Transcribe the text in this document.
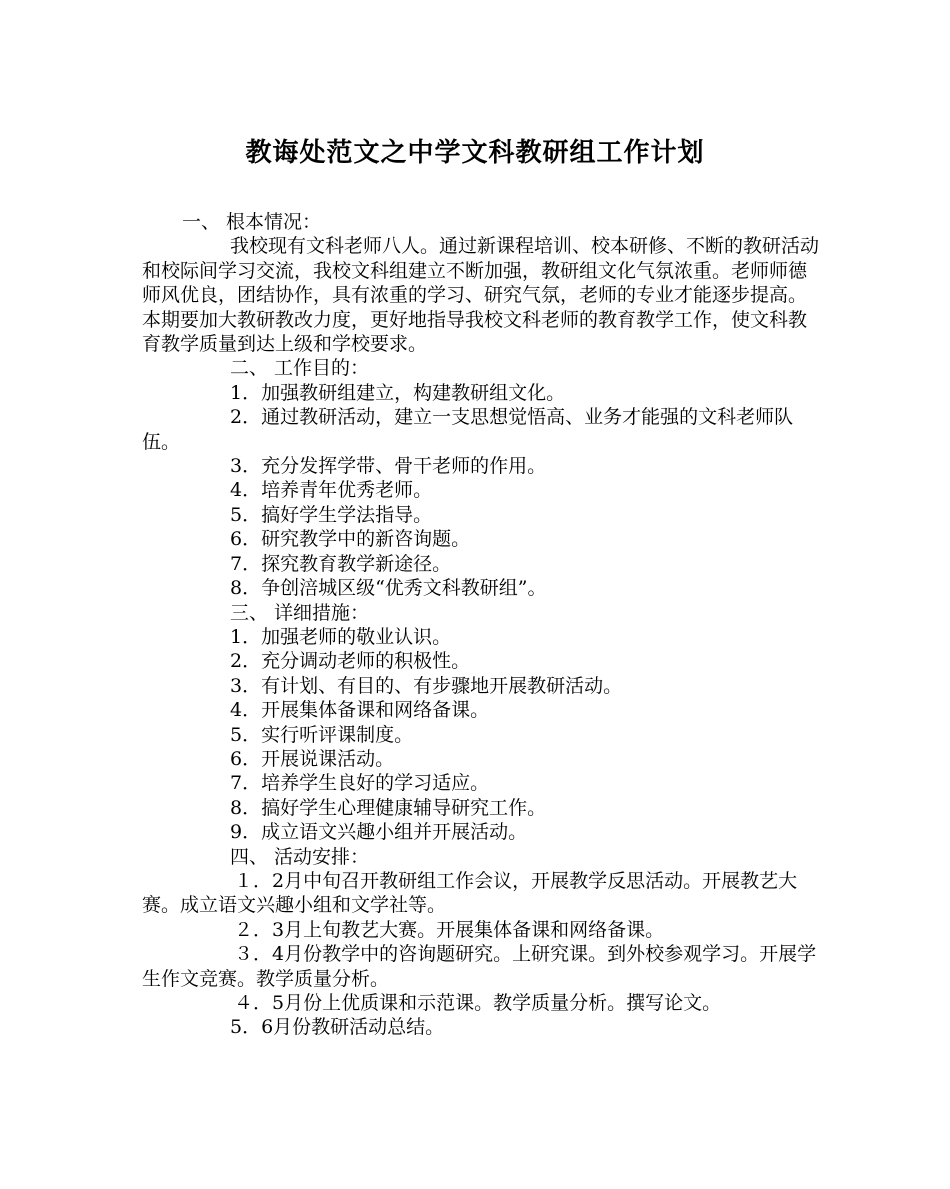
教诲处范文之中学文科教研组工作计划

一、 根本情况：

我校现有文科老师八人。通过新课程培训、校本研修、不断的教研活动和校际间学习交流，我校文科组建立不断加强，教研组文化气氛浓重。老师师德师风优良，团结协作，具有浓重的学习、研究气氛，老师的专业才能逐步提高。本期要加大教研教改力度，更好地指导我校文科老师的教育教学工作，使文科教育教学质量到达上级和学校要求。

二、 工作目的：

1．加强教研组建立，构建教研组文化。

2．通过教研活动，建立一支思想觉悟高、业务才能强的文科老师队伍。

3．充分发挥学带、骨干老师的作用。

4．培养青年优秀老师。

5．搞好学生学法指导。

6．研究教学中的新咨询题。

7．探究教育教学新途径。

8．争创涪城区级“优秀文科教研组”。

三、 详细措施：

1．加强老师的敬业认识。

2．充分调动老师的积极性。

3．有计划、有目的、有步骤地开展教研活动。

4．开展集体备课和网络备课。

5．实行听评课制度。

6．开展说课活动。

7．培养学生良好的学习适应。

8．搞好学生心理健康辅导研究工作。

9．成立语文兴趣小组并开展活动。

四、 活动安排：

１．2月中旬召开教研组工作会议，开展教学反思活动。开展教艺大赛。成立语文兴趣小组和文学社等。

２．3月上旬教艺大赛。开展集体备课和网络备课。

３．4月份教学中的咨询题研究。上研究课。到外校参观学习。开展学生作文竞赛。教学质量分析。

４．5月份上优质课和示范课。教学质量分析。撰写论文。

5．6月份教研活动总结。
